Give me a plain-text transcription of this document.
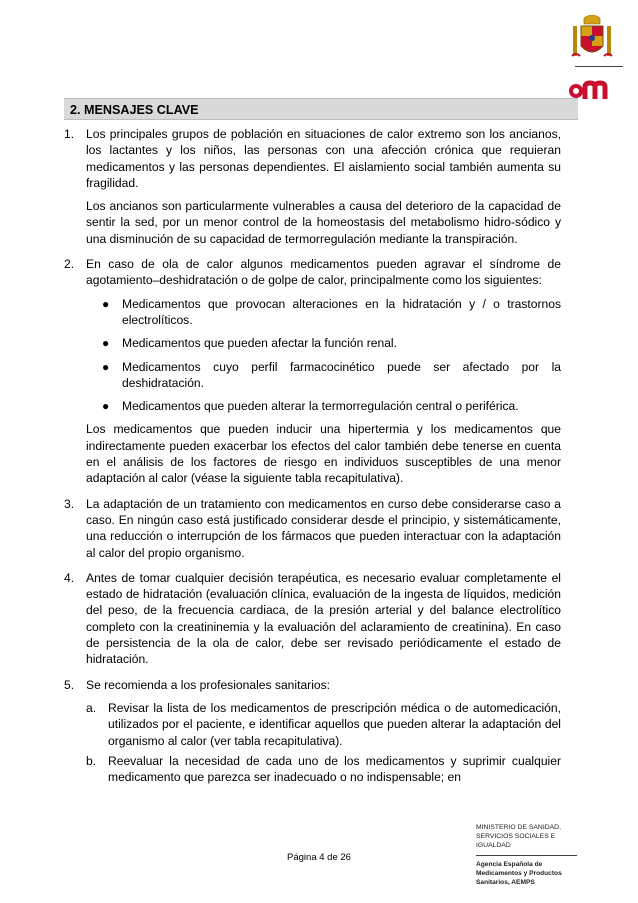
2. MENSAJES CLAVE
1. Los principales grupos de población en situaciones de calor extremo son los ancianos, los lactantes y los niños, las personas con una afección crónica que requieran medicamentos y las personas dependientes. El aislamiento social también aumenta su fragilidad.

Los ancianos son particularmente vulnerables a causa del deterioro de la capacidad de sentir la sed, por un menor control de la homeostasis del metabolismo hidro-sódico y una disminución de su capacidad de termorregulación mediante la transpiración.

2. En caso de ola de calor algunos medicamentos pueden agravar el síndrome de agotamiento–deshidratación o de golpe de calor, principalmente como los siguientes:

● Medicamentos que provocan alteraciones en la hidratación y / o trastornos electrolíticos.
● Medicamentos que pueden afectar la función renal.
● Medicamentos cuyo perfil farmacocinético puede ser afectado por la deshidratación.
● Medicamentos que pueden alterar la termorregulación central o periférica.

Los medicamentos que pueden inducir una hipertermia y los medicamentos que indirectamente pueden exacerbar los efectos del calor también debe tenerse en cuenta en el análisis de los factores de riesgo en individuos susceptibles de una menor adaptación al calor (véase la siguiente tabla recapitulativa).

3. La adaptación de un tratamiento con medicamentos en curso debe considerarse caso a caso. En ningún caso está justificado considerar desde el principio, y sistemáticamente, una reducción o interrupción de los fármacos que pueden interactuar con la adaptación al calor del propio organismo.

4. Antes de tomar cualquier decisión terapéutica, es necesario evaluar completamente el estado de hidratación (evaluación clínica, evaluación de la ingesta de líquidos, medición del peso, de la frecuencia cardiaca, de la presión arterial y del balance electrolítico completo con la creatininemia y la evaluación del aclaramiento de creatinina). En caso de persistencia de la ola de calor, debe ser revisado periódicamente el estado de hidratación.

5. Se recomienda a los profesionales sanitarios:

a. Revisar la lista de los medicamentos de prescripción médica o de automedicación, utilizados por el paciente, e identificar aquellos que pueden alterar la adaptación del organismo al calor (ver tabla recapitulativa).
b. Reevaluar la necesidad de cada uno de los medicamentos y suprimir cualquier medicamento que parezca ser inadecuado o no indispensable; en
MINISTERIO DE SANIDAD,
SERVICIOS SOCIALES E
IGUALDAD
Página 4 de 26
Agencia Española de
Medicamentos y Productos
Sanitarios, AEMPS
